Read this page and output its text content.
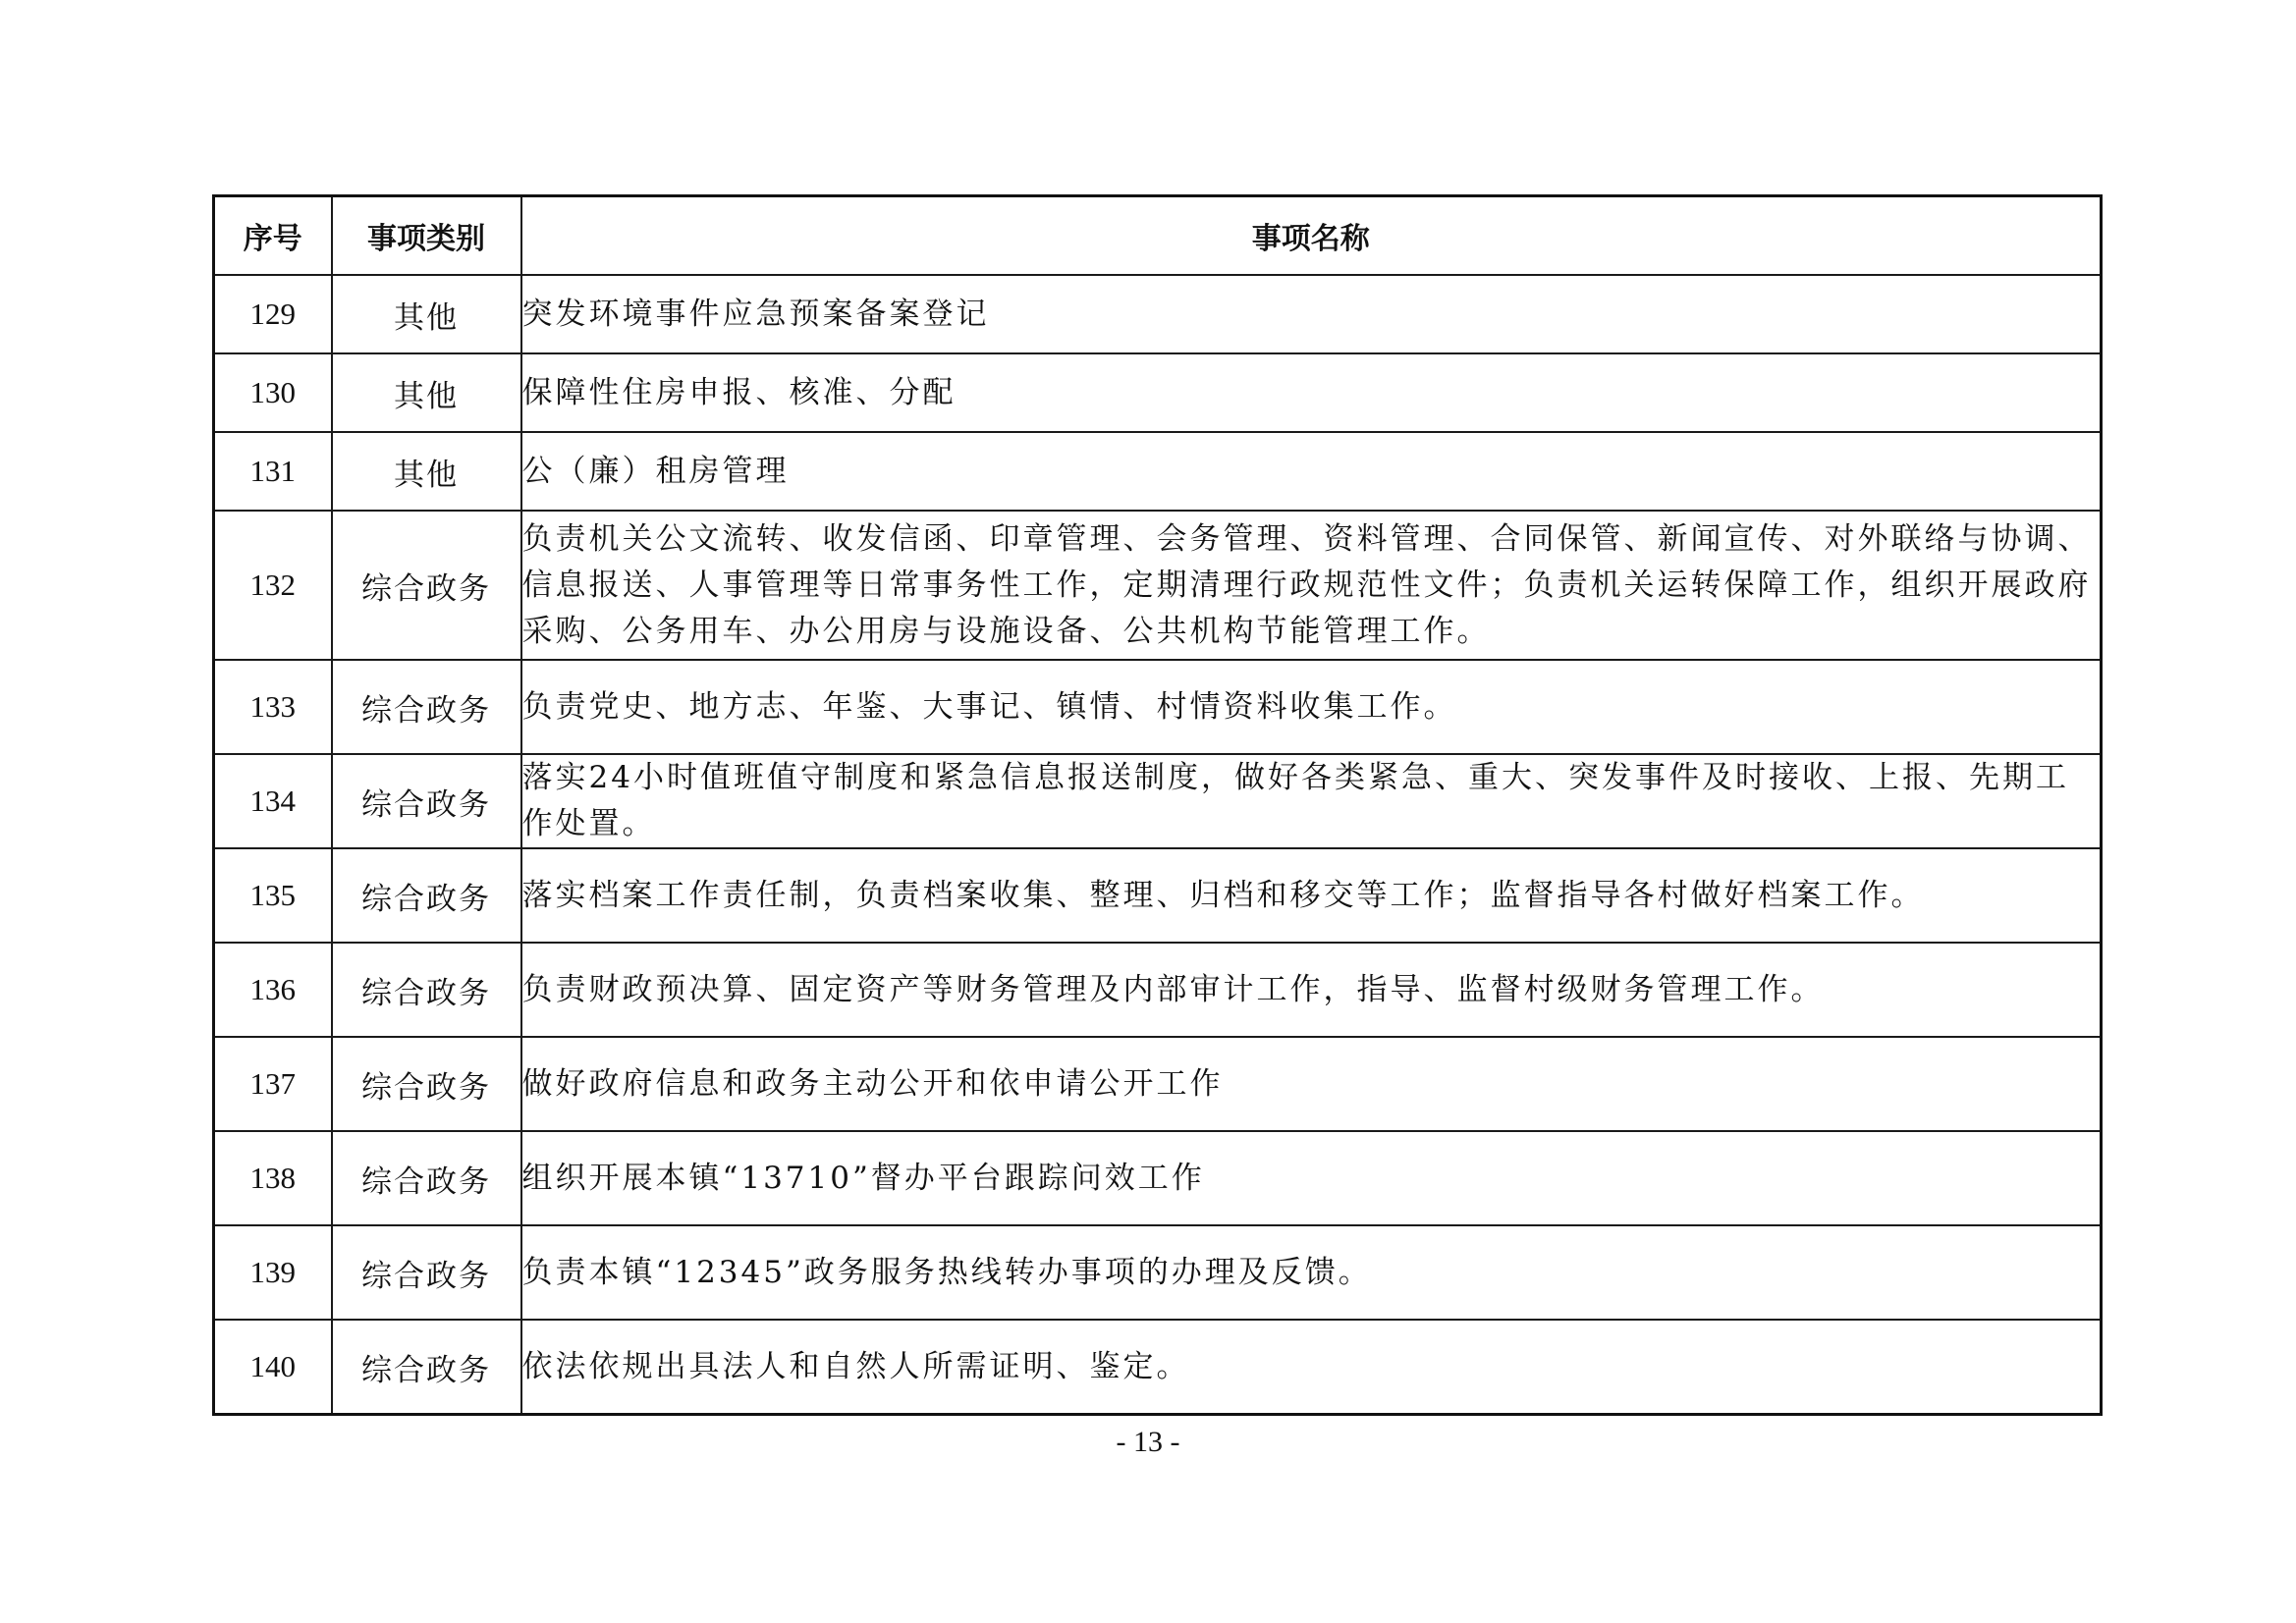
序号	事项类别	事项名称
129	其他	突发环境事件应急预案备案登记
130	其他	保障性住房申报、核准、分配
131	其他	公（廉）租房管理
132	综合政务	负责机关公文流转、收发信函、印章管理、会务管理、资料管理、合同保管、新闻宣传、对外联络与协调、信息报送、人事管理等日常事务性工作，定期清理行政规范性文件；负责机关运转保障工作，组织开展政府采购、公务用车、办公用房与设施设备、公共机构节能管理工作。
133	综合政务	负责党史、地方志、年鉴、大事记、镇情、村情资料收集工作。
134	综合政务	落实24小时值班值守制度和紧急信息报送制度，做好各类紧急、重大、突发事件及时接收、上报、先期工作处置。
135	综合政务	落实档案工作责任制，负责档案收集、整理、归档和移交等工作；监督指导各村做好档案工作。
136	综合政务	负责财政预决算、固定资产等财务管理及内部审计工作，指导、监督村级财务管理工作。
137	综合政务	做好政府信息和政务主动公开和依申请公开工作
138	综合政务	组织开展本镇“13710”督办平台跟踪问效工作
139	综合政务	负责本镇“12345”政务服务热线转办事项的办理及反馈。
140	综合政务	依法依规出具法人和自然人所需证明、鉴定。
- 13 -
